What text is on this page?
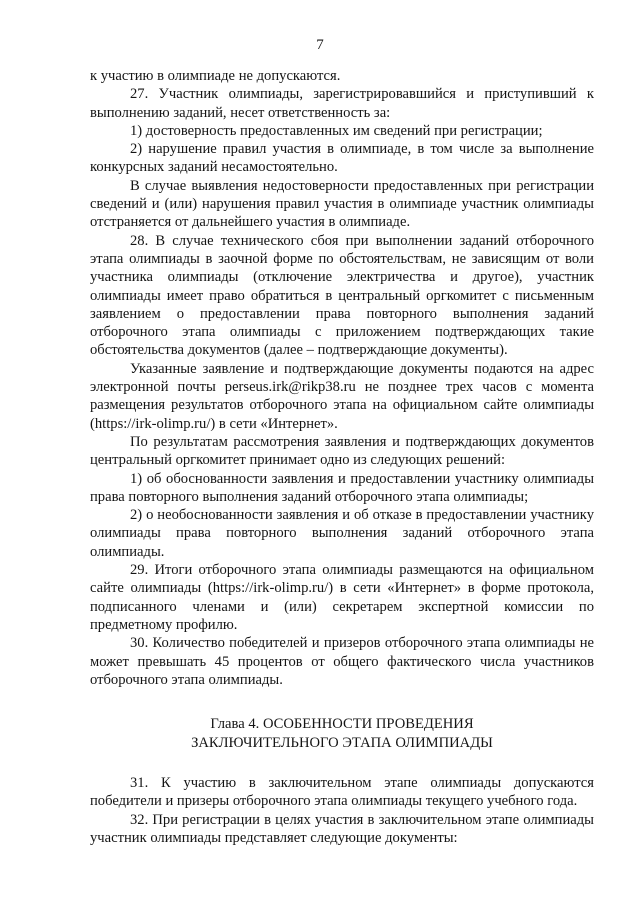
7

к участию в олимпиаде не допускаются.

27. Участник олимпиады, зарегистрировавшийся и приступивший к выполнению заданий, несет ответственность за:

1) достоверность предоставленных им сведений при регистрации;

2) нарушение правил участия в олимпиаде, в том числе за выполнение конкурсных заданий несамостоятельно.

В случае выявления недостоверности предоставленных при регистрации сведений и (или) нарушения правил участия в олимпиаде участник олимпиады отстраняется от дальнейшего участия в олимпиаде.

28. В случае технического сбоя при выполнении заданий отборочного этапа олимпиады в заочной форме по обстоятельствам, не зависящим от воли участника олимпиады (отключение электричества и другое), участник олимпиады имеет право обратиться в центральный оргкомитет с письменным заявлением о предоставлении права повторного выполнения заданий отборочного этапа олимпиады с приложением подтверждающих такие обстоятельства документов (далее – подтверждающие документы).

Указанные заявление и подтверждающие документы подаются на адрес электронной почты perseus.irk@rikp38.ru не позднее трех часов с момента размещения результатов отборочного этапа на официальном сайте олимпиады (https://irk-olimp.ru/) в сети «Интернет».

По результатам рассмотрения заявления и подтверждающих документов центральный оргкомитет принимает одно из следующих решений:

1) об обоснованности заявления и предоставлении участнику олимпиады права повторного выполнения заданий отборочного этапа олимпиады;

2) о необоснованности заявления и об отказе в предоставлении участнику олимпиады права повторного выполнения заданий отборочного этапа олимпиады.

29. Итоги отборочного этапа олимпиады размещаются на официальном сайте олимпиады (https://irk-olimp.ru/) в сети «Интернет» в форме протокола, подписанного членами и (или) секретарем экспертной комиссии по предметному профилю.

30. Количество победителей и призеров отборочного этапа олимпиады не может превышать 45 процентов от общего фактического числа участников отборочного этапа олимпиады.

Глава 4. ОСОБЕННОСТИ ПРОВЕДЕНИЯ
ЗАКЛЮЧИТЕЛЬНОГО ЭТАПА ОЛИМПИАДЫ

31. К участию в заключительном этапе олимпиады допускаются победители и призеры отборочного этапа олимпиады текущего учебного года.

32. При регистрации в целях участия в заключительном этапе олимпиады участник олимпиады представляет следующие документы:
